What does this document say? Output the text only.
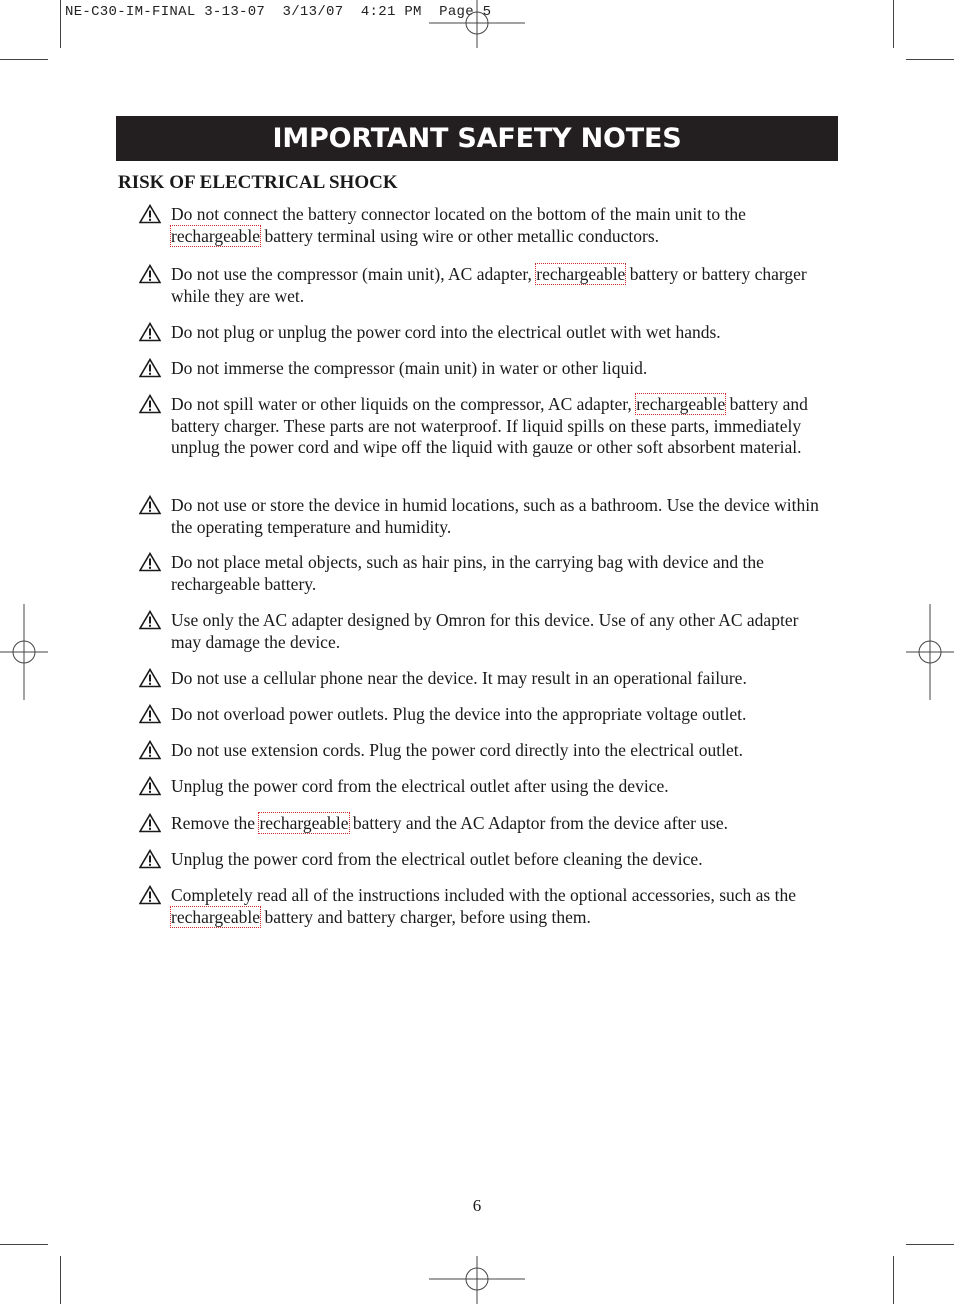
NE-C30-IM-FINAL 3-13-07  3/13/07  4:21 PM  Page 5
IMPORTANT SAFETY NOTES
RISK OF ELECTRICAL SHOCK
Do not connect the battery connector located on the bottom of the main unit to the rechargeable battery terminal using wire or other metallic conductors.
Do not use the compressor (main unit), AC adapter, rechargeable battery or battery charger while they are wet.
Do not plug or unplug the power cord into the electrical outlet with wet hands.
Do not immerse the compressor (main unit) in water or other liquid.
Do not spill water or other liquids on the compressor, AC adapter, rechargeable battery and battery charger. These parts are not waterproof. If liquid spills on these parts, immediately unplug the power cord and wipe off the liquid with gauze or other soft absorbent material.
Do not use or store the device in humid locations, such as a bathroom. Use the device within the operating temperature and humidity.
Do not place metal objects, such as hair pins, in the carrying bag with device and the rechargeable battery.
Use only the AC adapter designed by Omron for this device. Use of any other AC adapter may damage the device.
Do not use a cellular phone near the device. It may result in an operational failure.
Do not overload power outlets. Plug the device into the appropriate voltage outlet.
Do not use extension cords. Plug the power cord directly into the electrical outlet.
Unplug the power cord from the electrical outlet after using the device.
Remove the rechargeable battery and the AC Adaptor from the device after use.
Unplug the power cord from the electrical outlet before cleaning the device.
Completely read all of the instructions included with the optional accessories, such as the rechargeable battery and battery charger, before using them.
6
